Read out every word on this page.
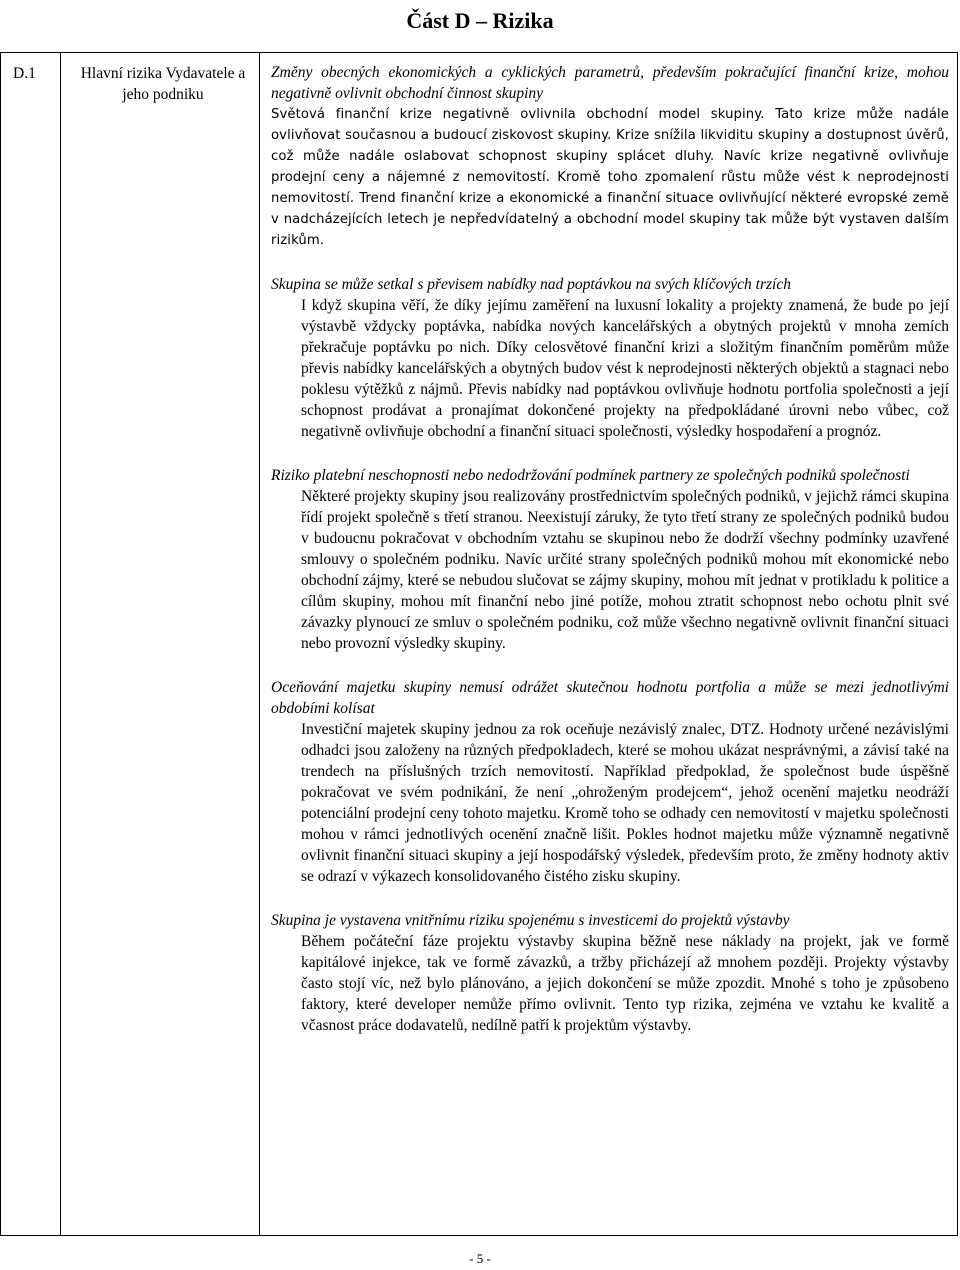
Část D – Rizika
D.1	Hlavní rizika Vydavatele a jeho podniku

Změny obecných ekonomických a cyklických parametrů, především pokračující finanční krize, mohou negativně ovlivnit obchodní činnost skupiny

Světová finanční krize negativně ovlivnila obchodní model skupiny. Tato krize může nadále ovlivňovat současnou a budoucí ziskovost skupiny. Krize snížila likviditu skupiny a dostupnost úvěrů, což může nadále oslabovat schopnost skupiny splácet dluhy. Navíc krize negativně ovlivňuje prodejní ceny a nájemné z nemovitostí. Kromě toho zpomalení růstu může vést k neprodejnosti nemovitostí. Trend finanční krize a ekonomické a finanční situace ovlivňující některé evropské země v nadcházejících letech je nepředvídatelný a obchodní model skupiny tak může být vystaven dalším rizikům.

Skupina se může setkal s převisem nabídky nad poptávkou na svých klíčových trzích

I když skupina věří, že díky jejímu zaměření na luxusní lokality a projekty znamená, že bude po její výstavbě vždycky poptávka, nabídka nových kancelářských a obytných projektů v mnoha zemích překračuje poptávku po nich. Díky celosvětové finanční krizi a složitým finančním poměrům může převis nabídky kancelářských a obytných budov vést k neprodejnosti některých objektů a stagnaci nebo poklesu výtěžků z nájmů. Převis nabídky nad poptávkou ovlivňuje hodnotu portfolia společnosti a její schopnost prodávat a pronajímat dokončené projekty na předpokládané úrovni nebo vůbec, což negativně ovlivňuje obchodní a finanční situaci společnosti, výsledky hospodaření a prognóz.

Riziko platební neschopnosti nebo nedodržování podmínek partnery ze společných podniků společnosti

Některé projekty skupiny jsou realizovány prostřednictvím společných podniků, v jejichž rámci skupina řídí projekt společně s třetí stranou. Neexistují záruky, že tyto třetí strany ze společných podniků budou v budoucnu pokračovat v obchodním vztahu se skupinou nebo že dodrží všechny podmínky uzavřené smlouvy o společném podniku. Navíc určité strany společných podniků mohou mít ekonomické nebo obchodní zájmy, které se nebudou slučovat se zájmy skupiny, mohou mít jednat v protikladu k politice a cílům skupiny, mohou mít finanční nebo jiné potíže, mohou ztratit schopnost nebo ochotu plnit své závazky plynoucí ze smluv o společném podniku, což může všechno negativně ovlivnit finanční situaci nebo provozní výsledky skupiny.

Oceňování majetku skupiny nemusí odrážet skutečnou hodnotu portfolia a může se mezi jednotlivými obdobími kolísat

Investiční majetek skupiny jednou za rok oceňuje nezávislý znalec, DTZ. Hodnoty určené nezávislými odhadci jsou založeny na různých předpokladech, které se mohou ukázat nesprávnými, a závisí také na trendech na příslušných trzích nemovitostí. Například předpoklad, že společnost bude úspěšně pokračovat ve svém podnikání, že není „ohroženým prodejcem“, jehož ocenění majetku neodráží potenciální prodejní ceny tohoto majetku. Kromě toho se odhady cen nemovitostí v majetku společnosti mohou v rámci jednotlivých ocenění značně lišit. Pokles hodnot majetku může významně negativně ovlivnit finanční situaci skupiny a její hospodářský výsledek, především proto, že změny hodnoty aktiv se odrazí v výkazech konsolidovaného čistého zisku skupiny.

Skupina je vystavena vnitřnímu riziku spojenému s investicemi do projektů výstavby

Během počáteční fáze projektu výstavby skupina běžně nese náklady na projekt, jak ve formě kapitálové injekce, tak ve formě závazků, a tržby přicházejí až mnohem později. Projekty výstavby často stojí víc, než bylo plánováno, a jejich dokončení se může zpozdit. Mnohé s toho je způsobeno faktory, které developer nemůže přímo ovlivnit. Tento typ rizika, zejména ve vztahu ke kvalitě a včasnost práce dodavatelů, nedílně patří k projektům výstavby.

- 5 -
